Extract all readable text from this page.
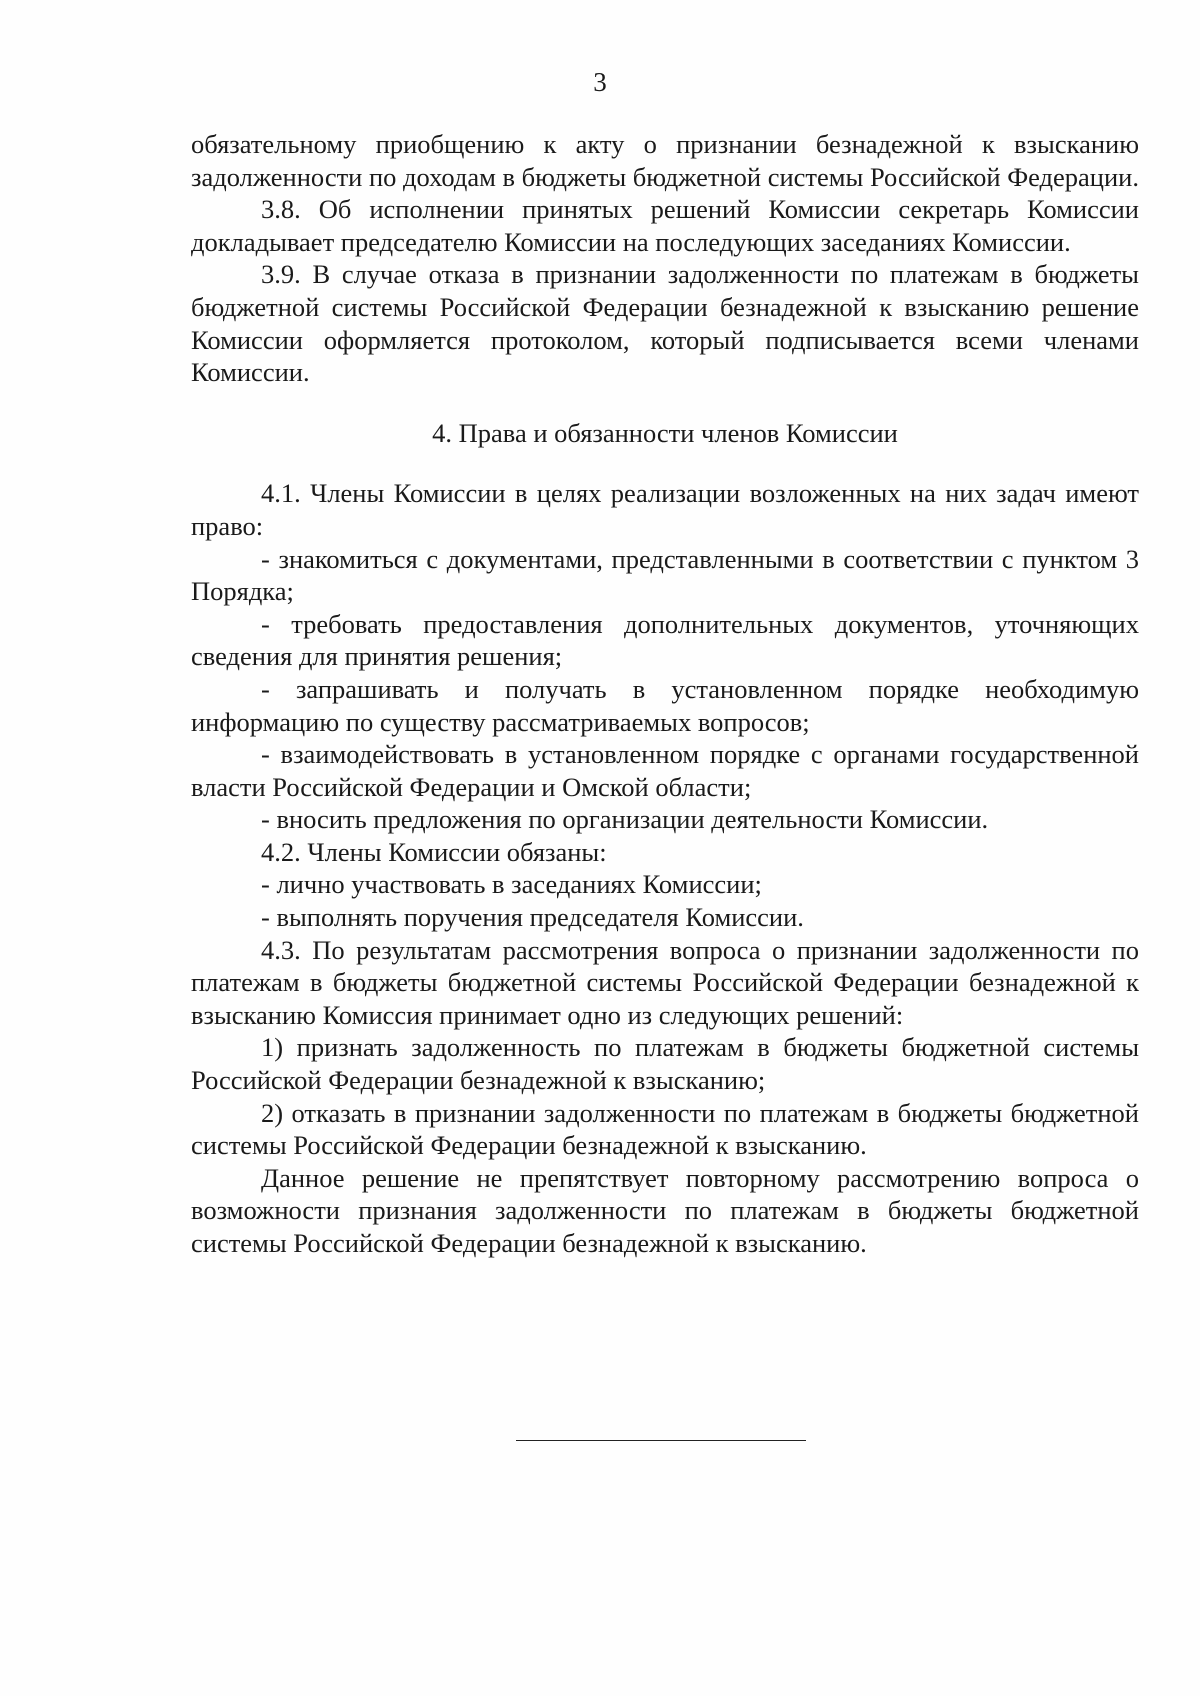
3

обязательному приобщению к акту о признании безнадежной к взысканию задолженности по доходам в бюджеты бюджетной системы Российской Федерации.

3.8. Об исполнении принятых решений Комиссии секретарь Комиссии докладывает председателю Комиссии на последующих заседаниях Комиссии.

3.9. В случае отказа в признании задолженности по платежам в бюджеты бюджетной системы Российской Федерации безнадежной к взысканию решение Комиссии оформляется протоколом, который подписывается всеми членами Комиссии.

4. Права и обязанности членов Комиссии

4.1. Члены Комиссии в целях реализации возложенных на них задач имеют право:

- знакомиться с документами, представленными в соответствии с пунктом 3 Порядка;

- требовать предоставления дополнительных документов, уточняющих сведения для принятия решения;

- запрашивать и получать в установленном порядке необходимую информацию по существу рассматриваемых вопросов;

- взаимодействовать в установленном порядке с органами государственной власти Российской Федерации и Омской области;

- вносить предложения по организации деятельности Комиссии.

4.2. Члены Комиссии обязаны:

- лично участвовать в заседаниях Комиссии;

- выполнять поручения председателя Комиссии.

4.3. По результатам рассмотрения вопроса о признании задолженности по платежам в бюджеты бюджетной системы Российской Федерации безнадежной к взысканию Комиссия принимает одно из следующих решений:

1) признать задолженность по платежам в бюджеты бюджетной системы Российской Федерации безнадежной к взысканию;

2) отказать в признании задолженности по платежам в бюджеты бюджетной системы Российской Федерации безнадежной к взысканию.

Данное решение не препятствует повторному рассмотрению вопроса о возможности признания задолженности по платежам в бюджеты бюджетной системы Российской Федерации безнадежной к взысканию.
